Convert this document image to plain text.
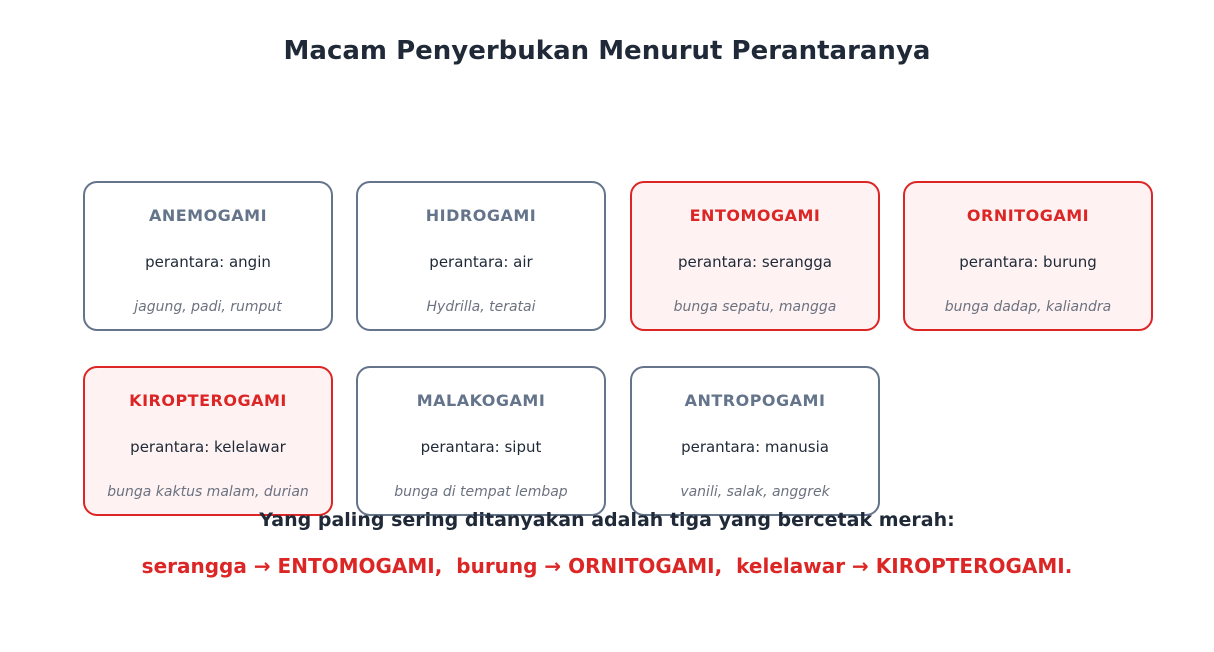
Macam Penyerbukan Menurut Perantaranya
ANEMOGAMI
perantara: angin
jagung, padi, rumput
HIDROGAMI
perantara: air
Hydrilla, teratai
ENTOMOGAMI
perantara: serangga
bunga sepatu, mangga
ORNITOGAMI
perantara: burung
bunga dadap, kaliandra
KIROPTEROGAMI
perantara: kelelawar
bunga kaktus malam, durian
MALAKOGAMI
perantara: siput
bunga di tempat lembap
ANTROPOGAMI
perantara: manusia
vanili, salak, anggrek
Yang paling sering ditanyakan adalah tiga yang bercetak merah:
serangga → ENTOMOGAMI,  burung → ORNITOGAMI,  kelelawar → KIROPTEROGAMI.
